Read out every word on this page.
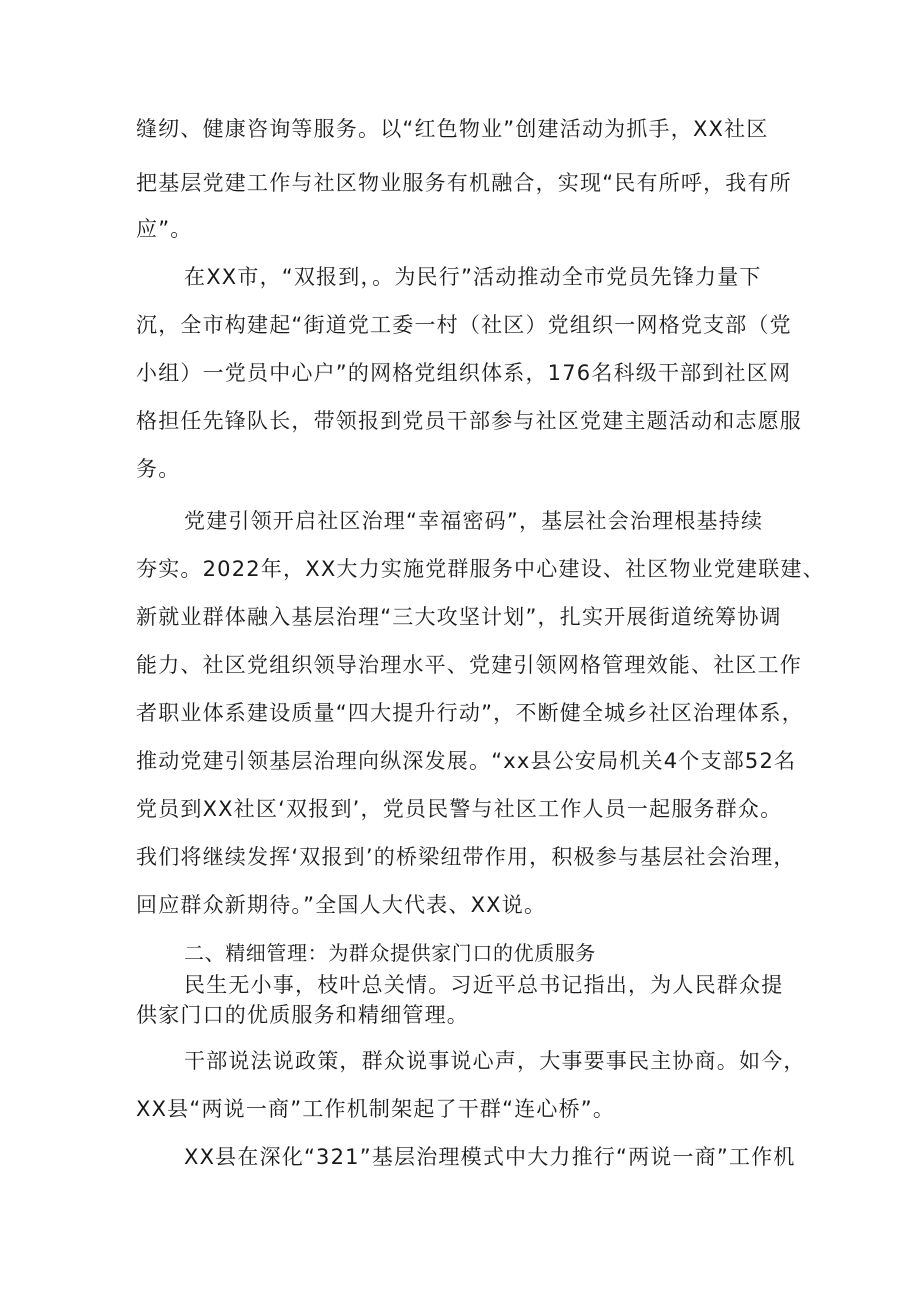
缝纫、健康咨询等服务。以“红色物业”创建活动为抓手，XX社区
把基层党建工作与社区物业服务有机融合，实现“民有所呼，我有所
应”。
在XX市，“双报到，。为民行”活动推动全市党员先锋力量下
沉，全市构建起“街道党工委一村（社区）党组织一网格党支部（党
小组）一党员中心户”的网格党组织体系，176名科级干部到社区网
格担任先锋队长，带领报到党员干部参与社区党建主题活动和志愿服
务。
党建引领开启社区治理“幸福密码”，基层社会治理根基持续
夯实。2022年，XX大力实施党群服务中心建设、社区物业党建联建、
新就业群体融入基层治理“三大攻坚计划”，扎实开展街道统筹协调
能力、社区党组织领导治理水平、党建引领网格管理效能、社区工作
者职业体系建设质量“四大提升行动”，不断健全城乡社区治理体系，
推动党建引领基层治理向纵深发展。“xx县公安局机关4个支部52名
党员到XX社区‘双报到’，党员民警与社区工作人员一起服务群众。
我们将继续发挥‘双报到’的桥梁纽带作用，积极参与基层社会治理，
回应群众新期待。”全国人大代表、XX说。
二、精细管理：为群众提供家门口的优质服务
民生无小事，枝叶总关情。习近平总书记指出，为人民群众提
供家门口的优质服务和精细管理。
干部说法说政策，群众说事说心声，大事要事民主协商。如今，
XX县“两说一商”工作机制架起了干群“连心桥”。
XX县在深化“321”基层治理模式中大力推行“两说一商”工作机
